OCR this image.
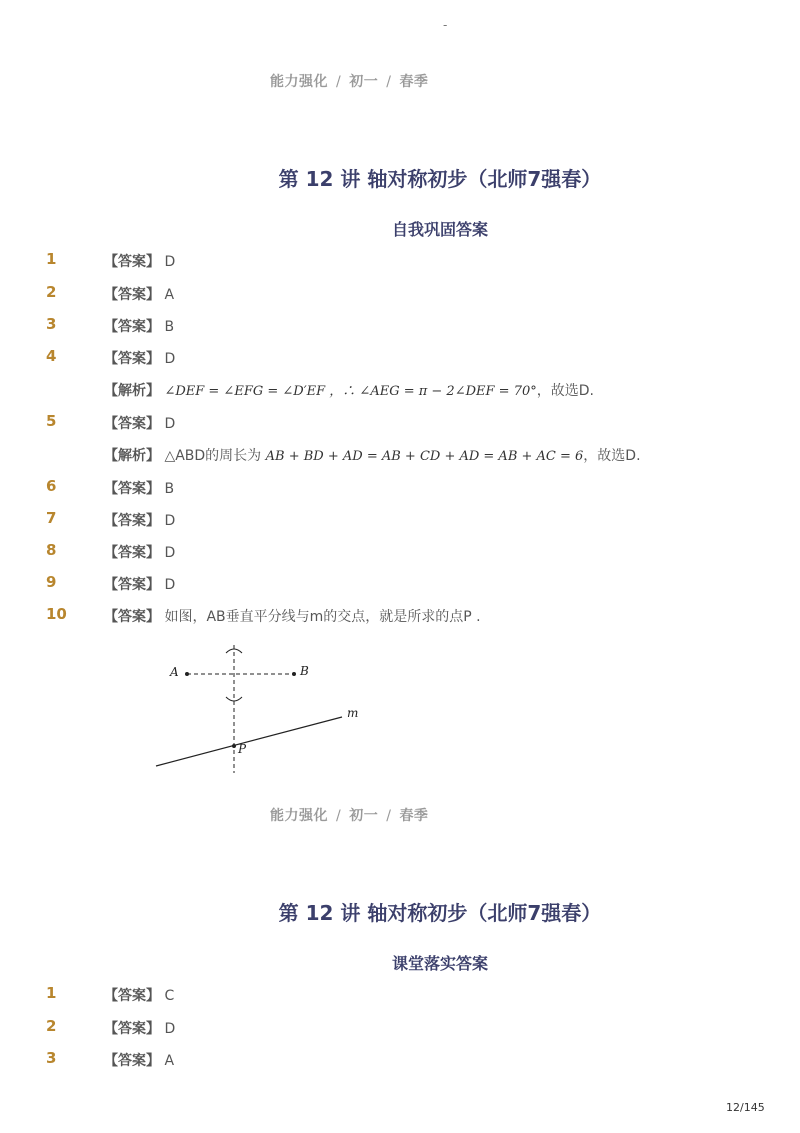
-
能力强化 / 初一 / 春季
第 12 讲 轴对称初步（北师7强春）
自我巩固答案
1	【答案】 D
2	【答案】 A
3	【答案】 B
4	【答案】 D
【解析】 ∠DEF = ∠EFG = ∠D′EF ，∴ ∠AEG = π − 2∠DEF = 70°，故选D.
5	【答案】 D
【解析】 △ABD的周长为 AB + BD + AD = AB + CD + AD = AB + AC = 6，故选D.
6	【答案】 B
7	【答案】 D
8	【答案】 D
9	【答案】 D
10	【答案】 如图，AB垂直平分线与m的交点，就是所求的点P .
A	B
m
P
能力强化 / 初一 / 春季
第 12 讲 轴对称初步（北师7强春）
课堂落实答案
1	【答案】 C
2	【答案】 D
3	【答案】 A
12/145
